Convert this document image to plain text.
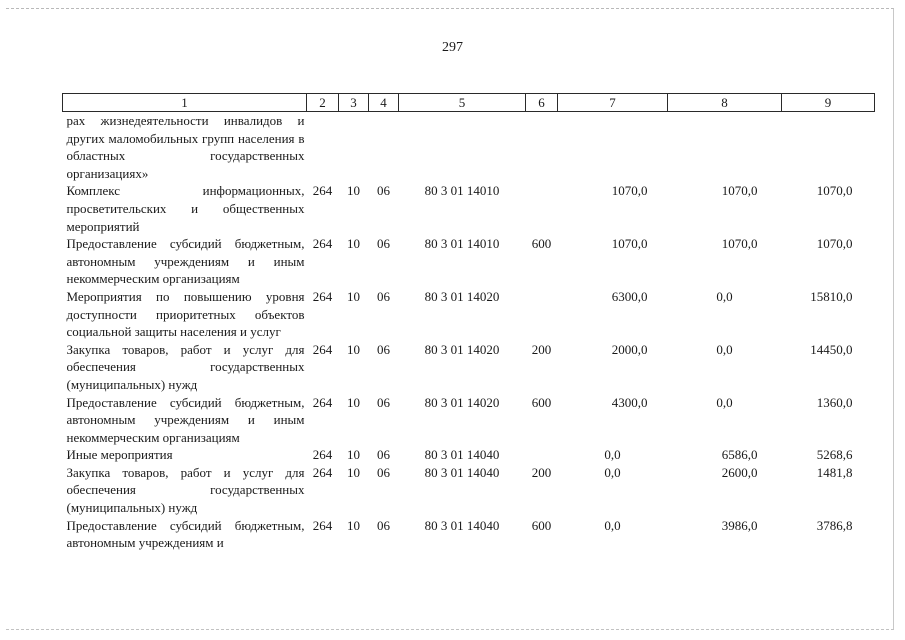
297
1	2	3	4	5	6	7	8	9
рах жизнедеятельности инвалидов и других маломобильных групп населения в областных государственных организациях»								
Комплекс информационных, просветительских и общественных мероприятий	264	10	06	80 3 01 14010		1070,0	1070,0	1070,0
Предоставление субсидий бюджетным, автономным учреждениям и иным некоммерческим организациям	264	10	06	80 3 01 14010	600	1070,0	1070,0	1070,0
Мероприятия по повышению уровня доступности приоритетных объектов социальной защиты населения и услуг	264	10	06	80 3 01 14020		6300,0	0,0	15810,0
Закупка товаров, работ и услуг для обеспечения государственных (муниципальных) нужд	264	10	06	80 3 01 14020	200	2000,0	0,0	14450,0
Предоставление субсидий бюджетным, автономным учреждениям и иным некоммерческим организациям	264	10	06	80 3 01 14020	600	4300,0	0,0	1360,0
Иные мероприятия	264	10	06	80 3 01 14040		0,0	6586,0	5268,6
Закупка товаров, работ и услуг для обеспечения государственных (муниципальных) нужд	264	10	06	80 3 01 14040	200	0,0	2600,0	1481,8
Предоставление субсидий бюджетным, автономным учреждениям и	264	10	06	80 3 01 14040	600	0,0	3986,0	3786,8
